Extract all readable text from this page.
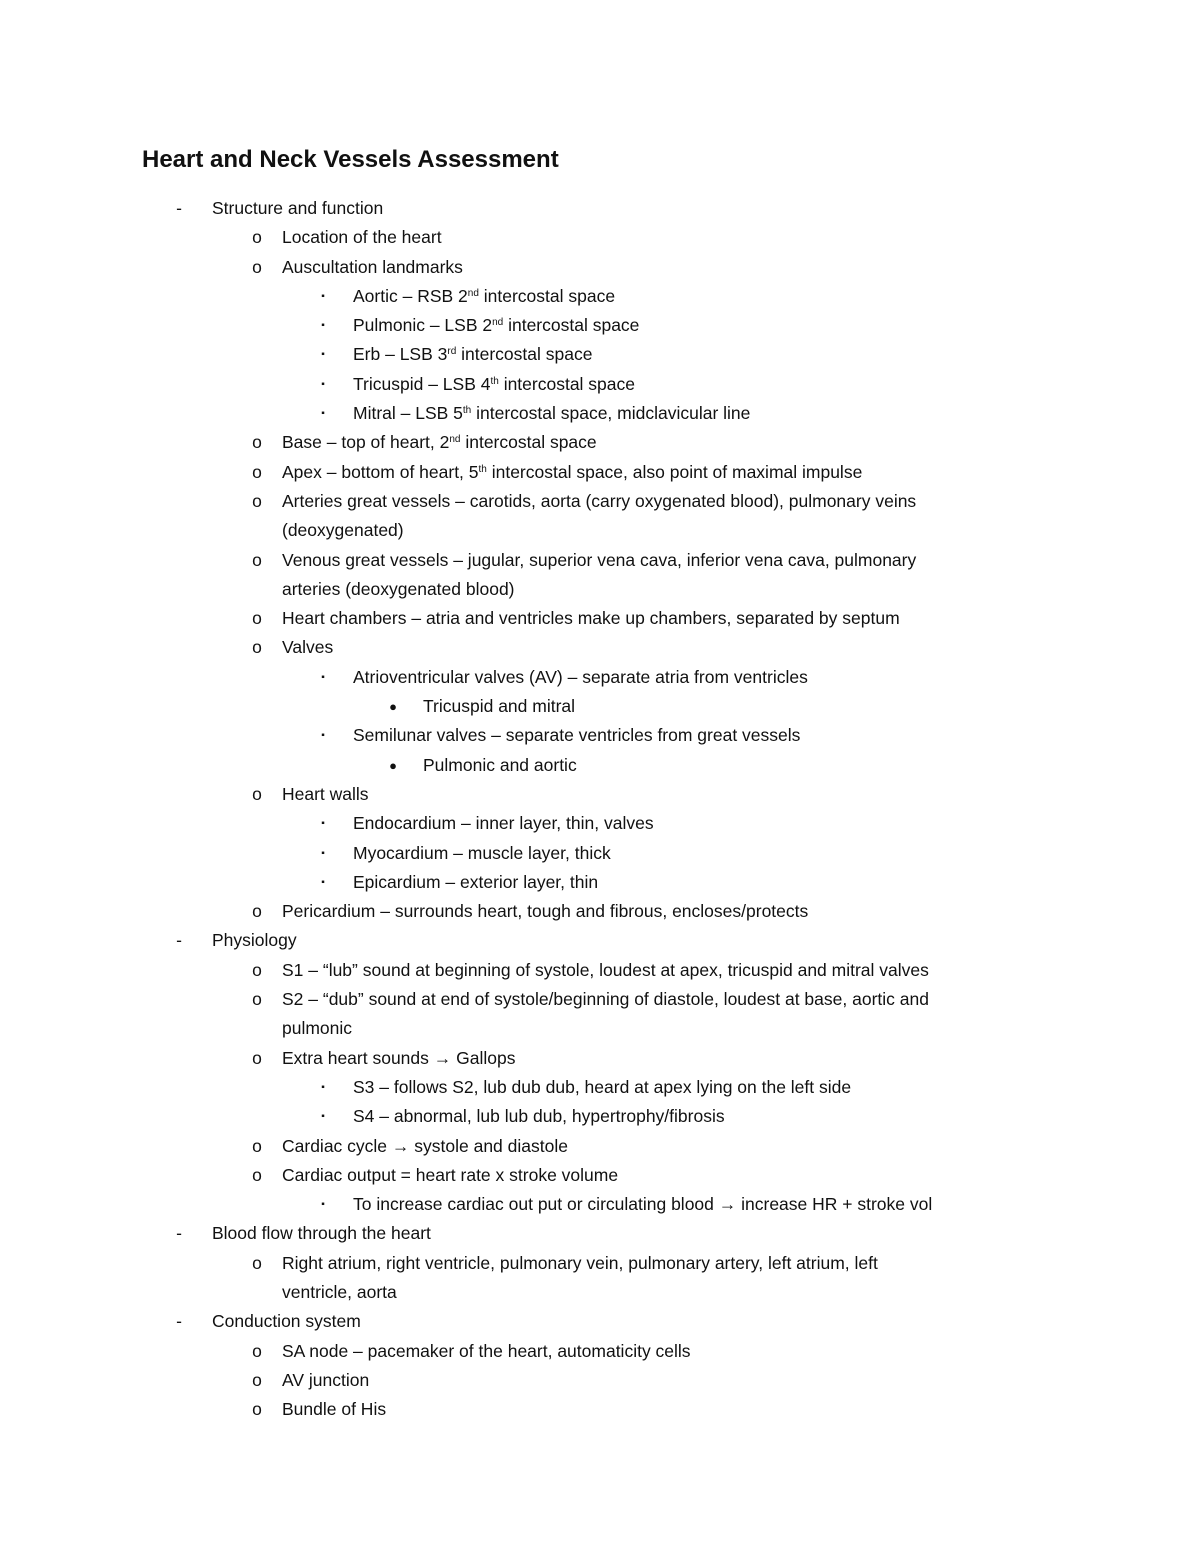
Heart and Neck Vessels Assessment
- Structure and function
o Location of the heart
o Auscultation landmarks
▪ Aortic – RSB 2nd intercostal space
▪ Pulmonic – LSB 2nd intercostal space
▪ Erb – LSB 3rd intercostal space
▪ Tricuspid – LSB 4th intercostal space
▪ Mitral – LSB 5th intercostal space, midclavicular line
o Base – top of heart, 2nd intercostal space
o Apex – bottom of heart, 5th intercostal space, also point of maximal impulse
o Arteries great vessels – carotids, aorta (carry oxygenated blood), pulmonary veins
(deoxygenated)
o Venous great vessels – jugular, superior vena cava, inferior vena cava, pulmonary
arteries (deoxygenated blood)
o Heart chambers – atria and ventricles make up chambers, separated by septum
o Valves
▪ Atrioventricular valves (AV) – separate atria from ventricles
● Tricuspid and mitral
▪ Semilunar valves – separate ventricles from great vessels
● Pulmonic and aortic
o Heart walls
▪ Endocardium – inner layer, thin, valves
▪ Myocardium – muscle layer, thick
▪ Epicardium – exterior layer, thin
o Pericardium – surrounds heart, tough and fibrous, encloses/protects
- Physiology
o S1 – “lub” sound at beginning of systole, loudest at apex, tricuspid and mitral valves
o S2 – “dub” sound at end of systole/beginning of diastole, loudest at base, aortic and
pulmonic
o Extra heart sounds → Gallops
▪ S3 – follows S2, lub dub dub, heard at apex lying on the left side
▪ S4 – abnormal, lub lub dub, hypertrophy/fibrosis
o Cardiac cycle → systole and diastole
o Cardiac output = heart rate x stroke volume
▪ To increase cardiac out put or circulating blood → increase HR + stroke vol
- Blood flow through the heart
o Right atrium, right ventricle, pulmonary vein, pulmonary artery, left atrium, left
ventricle, aorta
- Conduction system
o SA node – pacemaker of the heart, automaticity cells
o AV junction
o Bundle of His
